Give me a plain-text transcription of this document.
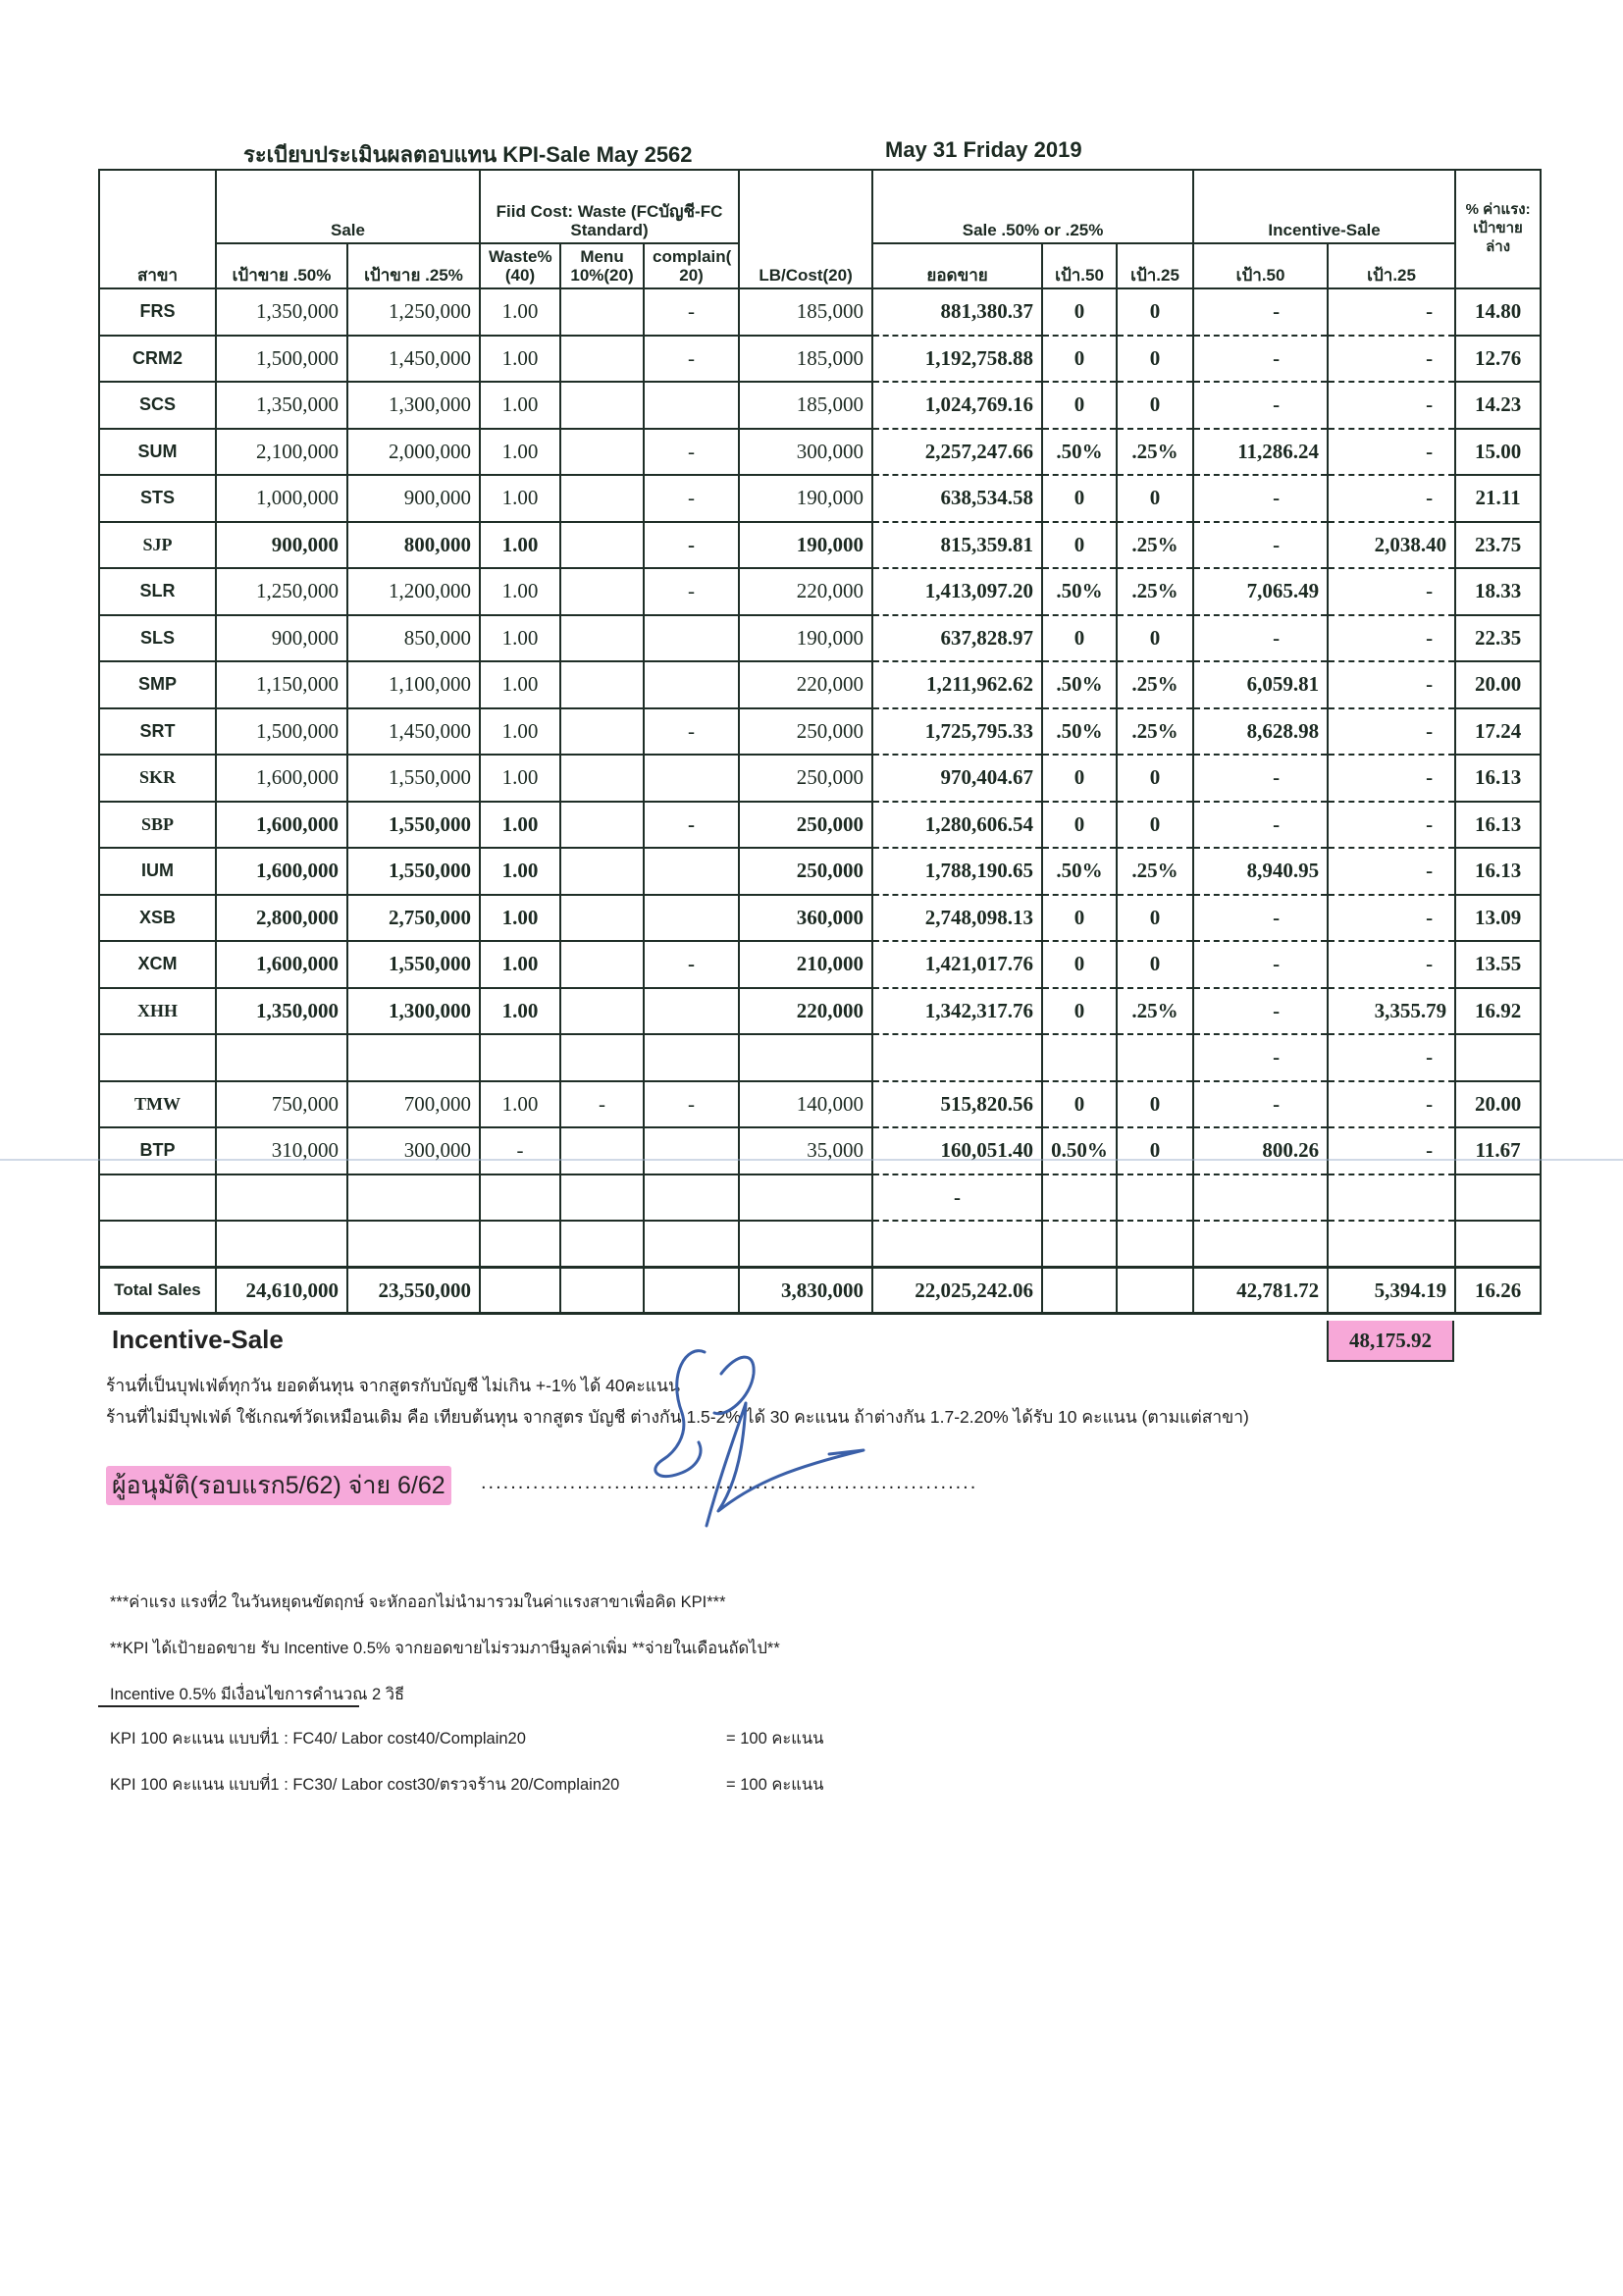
ระเบียบประเมินผลตอบแทน KPI-Sale May 2562	May 31 Friday 2019
สาขา	Sale		Fiid Cost: Waste (FCบัญชี-FC Standard)			LB/Cost(20)	Sale .50% or .25%			Incentive-Sale		% ค่าแรง: เป้าขาย ล่าง
	เป้าขาย .50%	เป้าขาย .25%	Waste% (40)	Menu 10%(20)	complain( 20)		ยอดขาย	เป้า.50	เป้า.25	เป้า.50	เป้า.25	
FRS	1,350,000	1,250,000	1.00		-	185,000	881,380.37	0	0	-	-	14.80
CRM2	1,500,000	1,450,000	1.00		-	185,000	1,192,758.88	0	0	-	-	12.76
SCS	1,350,000	1,300,000	1.00			185,000	1,024,769.16	0	0	-	-	14.23
SUM	2,100,000	2,000,000	1.00		-	300,000	2,257,247.66	.50%	.25%	11,286.24	-	15.00
STS	1,000,000	900,000	1.00		-	190,000	638,534.58	0	0	-	-	21.11
SJP	900,000	800,000	1.00		-	190,000	815,359.81	0	.25%	-	2,038.40	23.75
SLR	1,250,000	1,200,000	1.00		-	220,000	1,413,097.20	.50%	.25%	7,065.49	-	18.33
SLS	900,000	850,000	1.00			190,000	637,828.97	0	0	-	-	22.35
SMP	1,150,000	1,100,000	1.00			220,000	1,211,962.62	.50%	.25%	6,059.81	-	20.00
SRT	1,500,000	1,450,000	1.00		-	250,000	1,725,795.33	.50%	.25%	8,628.98	-	17.24
SKR	1,600,000	1,550,000	1.00			250,000	970,404.67	0	0	-	-	16.13
SBP	1,600,000	1,550,000	1.00		-	250,000	1,280,606.54	0	0	-	-	16.13
IUM	1,600,000	1,550,000	1.00			250,000	1,788,190.65	.50%	.25%	8,940.95	-	16.13
XSB	2,800,000	2,750,000	1.00			360,000	2,748,098.13	0	0	-	-	13.09
XCM	1,600,000	1,550,000	1.00		-	210,000	1,421,017.76	0	0	-	-	13.55
XHH	1,350,000	1,300,000	1.00			220,000	1,342,317.76	0	.25%	-	3,355.79	16.92
										-	-	
TMW	750,000	700,000	1.00	-	-	140,000	515,820.56	0	0	-	-	20.00
BTP	310,000	300,000	-			35,000	160,051.40	0.50%	0	800.26	-	11.67
							-					

Total Sales	24,610,000	23,550,000				3,830,000	22,025,242.06			42,781.72	5,394.19	16.26
48,175.92
Incentive-Sale
ร้านที่เป็นบุฟเฟ่ต์ทุกวัน ยอดต้นทุน จากสูตรกับบัญชี ไม่เกิน +-1% ได้ 40คะแนน
ร้านที่ไม่มีบุฟเฟ่ต์ ใช้เกณฑ์วัดเหมือนเดิม คือ เทียบต้นทุน จากสูตร บัญชี ต่างกัน 1.5-2% ได้ 30 คะแนน ถ้าต่างกัน 1.7-2.20% ได้รับ 10 คะแนน (ตามแต่สาขา)
ผู้อนุมัติ(รอบแรก5/62) จ่าย 6/62	...................................................................
***ค่าแรง แรงที่2 ในวันหยุดนขัตฤกษ์ จะหักออกไม่นำมารวมในค่าแรงสาขาเพื่อคิด KPI***
**KPI ได้เป้ายอดขาย รับ Incentive 0.5% จากยอดขายไม่รวมภาษีมูลค่าเพิ่ม **จ่ายในเดือนถัดไป**
Incentive 0.5% มีเงื่อนไขการคำนวณ 2 วิธี
KPI 100 คะแนน แบบที่1 : FC40/ Labor cost40/Complain20	= 100 คะแนน
KPI 100 คะแนน แบบที่1 : FC30/ Labor cost30/ตรวจร้าน 20/Complain20	= 100 คะแนน
